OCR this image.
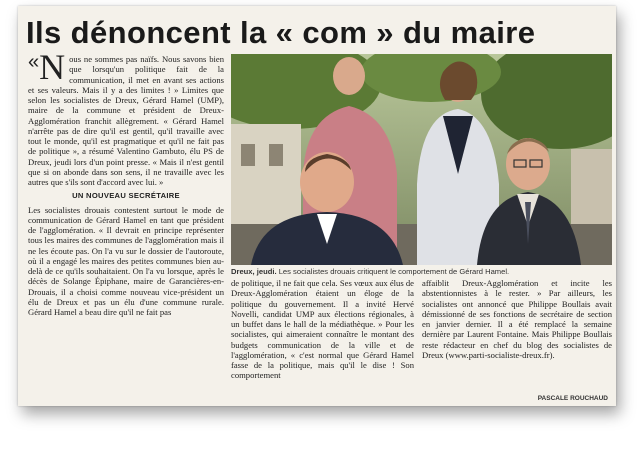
Ils dénoncent la « com » du maire

«N ous ne sommes pas naïfs. Nous savons bien que lorsqu'un politique fait de la communication, il met en avant ses actions et ses valeurs. Mais il y a des limites ! » Limites que selon les socialistes de Dreux, Gérard Hamel (UMP), maire de la commune et président de Dreux-Agglomération franchit allègrement. « Gérard Hamel n'arrête pas de dire qu'il est gentil, qu'il travaille avec tout le monde, qu'il est pragmatique et qu'il ne fait pas de politique », a résumé Valentino Gambuto, élu PS de Dreux, jeudi lors d'un point presse. « Mais il n'est gentil que si on abonde dans son sens, il ne travaille avec les autres que s'ils sont d'accord avec lui. »

UN NOUVEAU SECRÉTAIRE

Les socialistes drouais contestent surtout le mode de communication de Gérard Hamel en tant que président de l'agglomération. « Il devrait en principe représenter tous les maires des communes de l'agglomération mais il ne les écoute pas. On l'a vu sur le dossier de l'autoroute, où il a engagé les maires des petites communes bien au-delà de ce qu'ils souhaitaient. On l'a vu lorsque, après le décès de Solange Épiphane, maire de Garancières-en-Drouais, il a choisi comme nouveau vice-président un élu de Dreux et pas un élu d'une commune rurale. Gérard Hamel a beau dire qu'il ne fait pas

Dreux, jeudi. Les socialistes drouais critiquent le comportement de Gérard Hamel.

de politique, il ne fait que cela. Ses vœux aux élus de Dreux-Agglomération étaient un éloge de la politique du gouvernement. Il a invité Hervé Novelli, candidat UMP aux élections régionales, à un buffet dans le hall de la médiathèque. » Pour les socialistes, qui aimeraient connaître le montant des budgets communication de la ville et de l'agglomération, « c'est normal que Gérard Hamel fasse de la politique, mais qu'il le dise ! Son comportement

affaiblit Dreux-Agglomération et incite les abstentionnistes à le rester. » Par ailleurs, les socialistes ont annoncé que Philippe Boullais avait démissionné de ses fonctions de secrétaire de section en janvier dernier. Il a été remplacé la semaine dernière par Laurent Fontaine. Mais Philippe Boullais reste rédacteur en chef du blog des socialistes de Dreux (www.parti-socialiste-dreux.fr).

PASCALE ROUCHAUD
